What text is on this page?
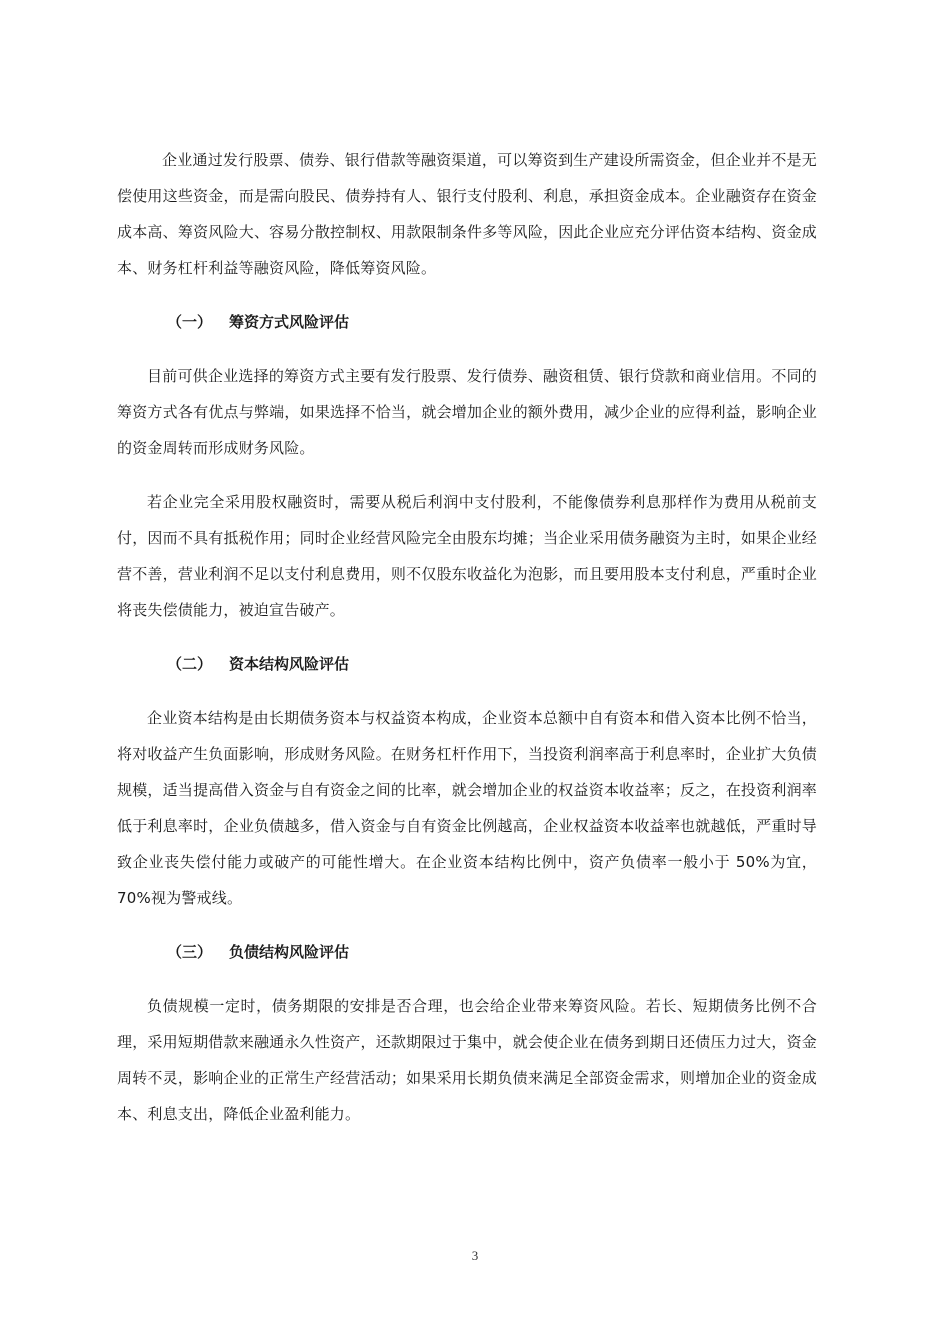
企业通过发行股票、债券、银行借款等融资渠道，可以筹资到生产建设所需资金，但企业并不是无偿使用这些资金，而是需向股民、债券持有人、银行支付股利、利息，承担资金成本。企业融资存在资金成本高、筹资风险大、容易分散控制权、用款限制条件多等风险，因此企业应充分评估资本结构、资金成本、财务杠杆利益等融资风险，降低筹资风险。

（一） 筹资方式风险评估

目前可供企业选择的筹资方式主要有发行股票、发行债券、融资租赁、银行贷款和商业信用。不同的筹资方式各有优点与弊端，如果选择不恰当，就会增加企业的额外费用，减少企业的应得利益，影响企业的资金周转而形成财务风险。

若企业完全采用股权融资时，需要从税后利润中支付股利，不能像债券利息那样作为费用从税前支付，因而不具有抵税作用；同时企业经营风险完全由股东均摊；当企业采用债务融资为主时，如果企业经营不善，营业利润不足以支付利息费用，则不仅股东收益化为泡影，而且要用股本支付利息，严重时企业将丧失偿债能力，被迫宣告破产。

（二） 资本结构风险评估

企业资本结构是由长期债务资本与权益资本构成，企业资本总额中自有资本和借入资本比例不恰当，将对收益产生负面影响，形成财务风险。在财务杠杆作用下，当投资利润率高于利息率时，企业扩大负债规模，适当提高借入资金与自有资金之间的比率，就会增加企业的权益资本收益率；反之，在投资利润率低于利息率时，企业负债越多，借入资金与自有资金比例越高，企业权益资本收益率也就越低，严重时导致企业丧失偿付能力或破产的可能性增大。在企业资本结构比例中，资产负债率一般小于 50%为宜，70%视为警戒线。

（三） 负债结构风险评估

负债规模一定时，债务期限的安排是否合理，也会给企业带来筹资风险。若长、短期债务比例不合理，采用短期借款来融通永久性资产，还款期限过于集中，就会使企业在债务到期日还债压力过大，资金周转不灵，影响企业的正常生产经营活动；如果采用长期负债来满足全部资金需求，则增加企业的资金成本、利息支出，降低企业盈利能力。

3
